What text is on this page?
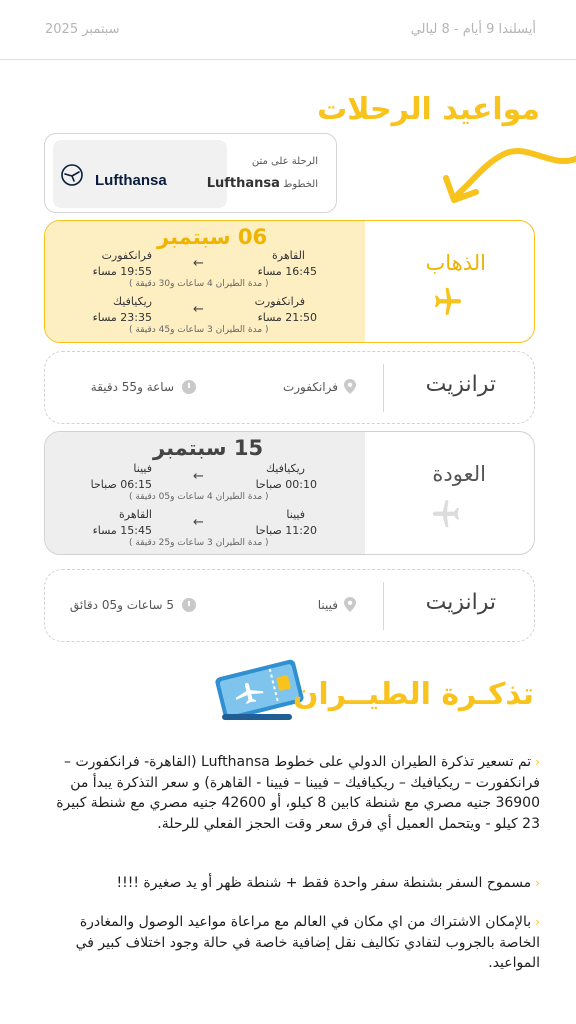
سبتمبر 2025	أيسلندا 9 أيام - 8 ليالي
مواعيد الرحلات
Lufthansa
الرحلة على متن
الخطوط Lufthansa
06 سبتمبر
القاهرة
16:45 مساء
←
فرانكفورت
19:55 مساء
( مدة الطيران 4 ساعات و30 دقيقة )
فرانكفورت
21:50 مساء
←
ريكيافيك
23:35 مساء
( مدة الطيران 3 ساعات و45 دقيقة )
الذهاب
ترانزيت
فرانكفورت
ساعة و55 دقيقة
15 سبتمبر
ريكيافيك
00:10 صباحا
←
فيينا
06:15 صباحا
( مدة الطيران 4 ساعات و05 دقيقة )
فيينا
11:20 صباحا
←
القاهرة
15:45 مساء
( مدة الطيران 3 ساعات و25 دقيقة )
العودة
ترانزيت
فيينا
5 ساعات و05 دقائق
تذكـرة الطيــران
‹تم تسعير تذكرة الطيران الدولي على خطوط Lufthansa (القاهرة- فرانكفورت – فرانكفورت – ريكيافيك – ريكيافيك – فيينا – فيينا - القاهرة) و سعر التذكرة يبدأ من 36900 جنيه مصري مع شنطة كابين 8 كيلو، أو 42600 جنيه مصري مع شنطة كبيرة 23 كيلو - ويتحمل العميل أي فرق سعر وقت الحجز الفعلي للرحلة.
‹مسموح السفر بشنطة سفر واحدة فقط + شنطة ظهر أو يد صغيرة !!!!
‹بالإمكان الاشتراك من اي مكان في العالم مع مراعاة مواعيد الوصول والمغادرة الخاصة بالجروب لتفادي تكاليف نقل إضافية خاصة في حالة وجود اختلاف كبير في المواعيد.
